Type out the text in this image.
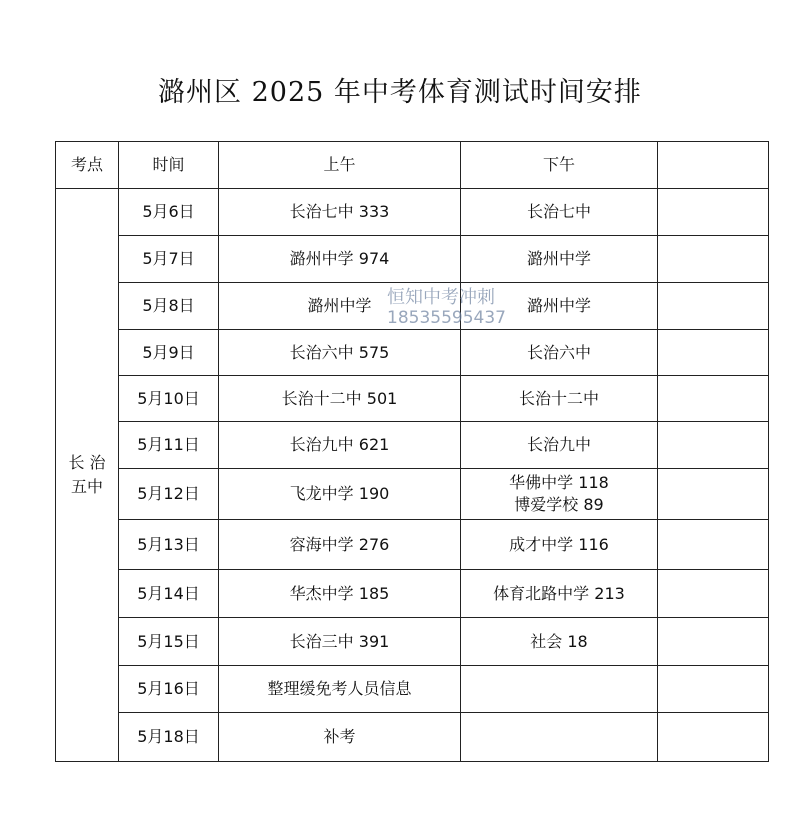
潞州区 2025 年中考体育测试时间安排
考点	时间	上午	下午	

长 治
五中	5月6日	长治七中 333	长治七中	
	5月7日	潞州中学 974	潞州中学	
	5月8日	潞州中学	潞州中学	
	5月9日	长治六中 575	长治六中	
	5月10日	长治十二中 501	长治十二中	
	5月11日	长治九中 621	长治九中	
	5月12日	飞龙中学 190	华佛中学 118
博爱学校 89	

	5月13日	容海中学 276	成才中学 116	
	5月14日	华杰中学 185	体育北路中学 213	
	5月15日	长治三中 391	社会 18	
	5月16日	整理缓免考人员信息		
	5月18日	补考		
恒知中考冲刺
18535595437
